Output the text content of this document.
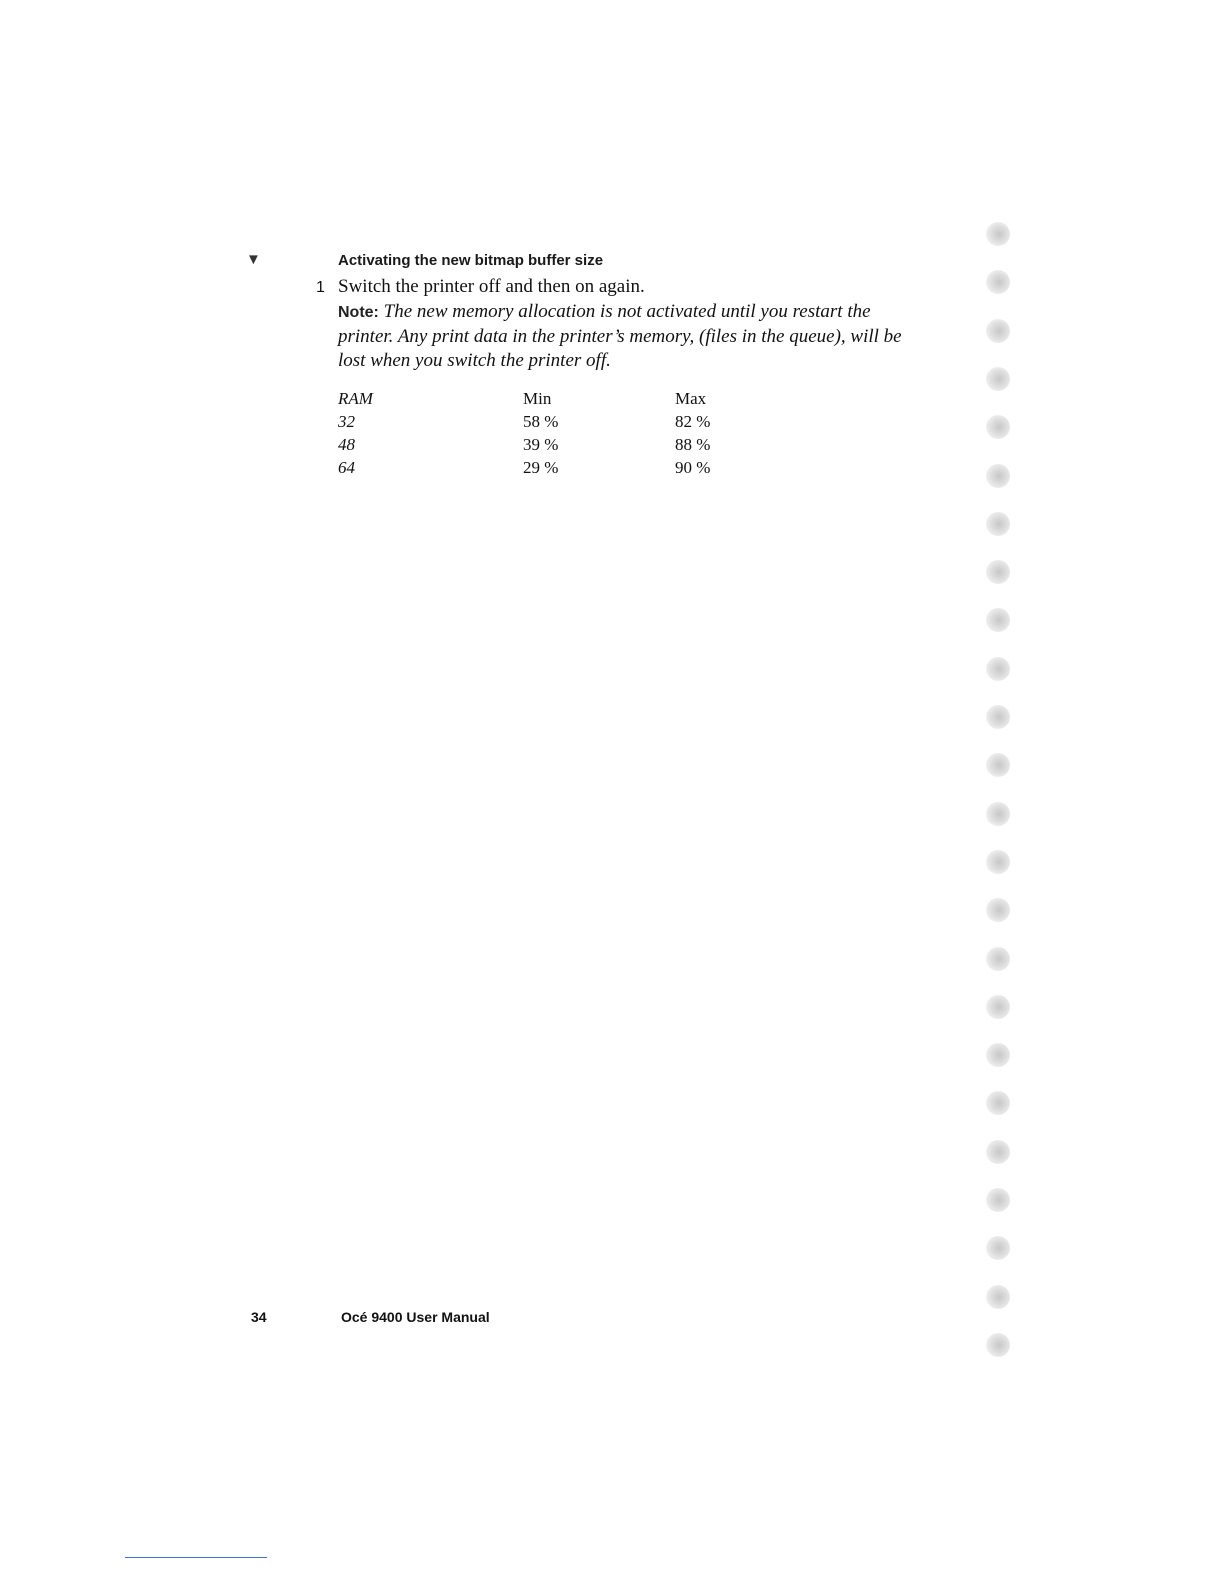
▼	Activating the new bitmap buffer size
1 Switch the printer off and then on again.
Note: The new memory allocation is not activated until you restart the printer. Any print data in the printer’s memory, (files in the queue), will be lost when you switch the printer off.
RAM	Min	Max
32	58 %	82 %
48	39 %	88 %
64	29 %	90 %
34	Océ 9400 User Manual
